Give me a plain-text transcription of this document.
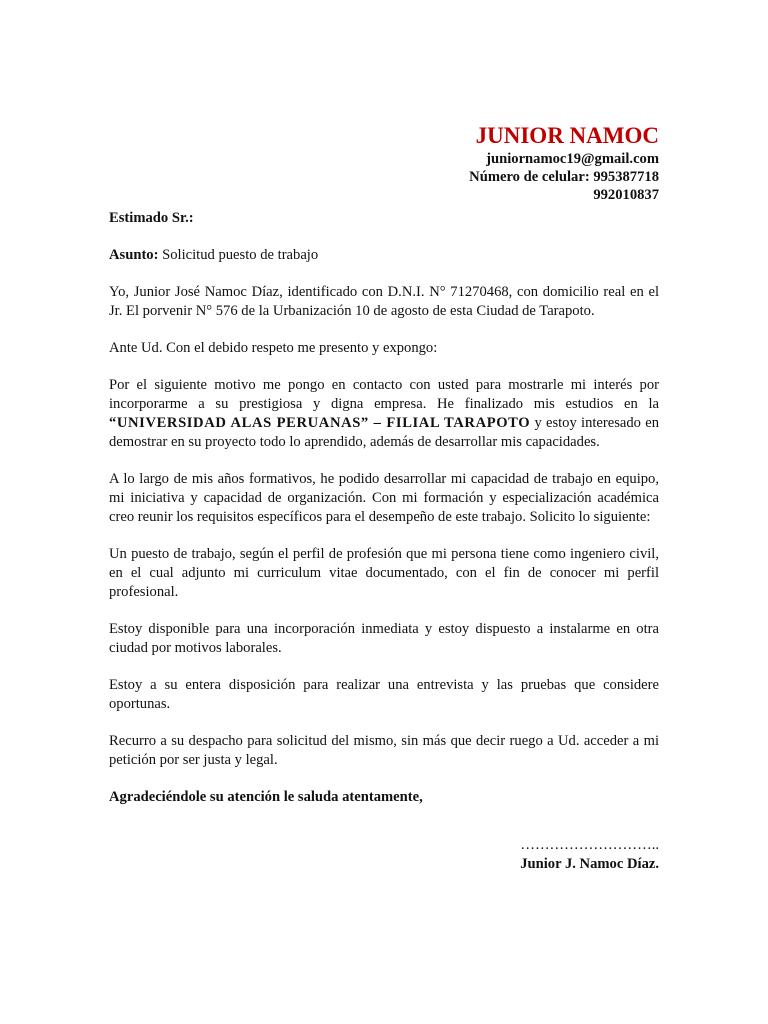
JUNIOR NAMOC
juniornamoc19@gmail.com
Número de celular: 995387718
992010837

Estimado Sr.:

Asunto: Solicitud puesto de trabajo

Yo, Junior José Namoc Díaz, identificado con D.N.I. N° 71270468, con domicilio real en el Jr. El porvenir N° 576 de la Urbanización 10 de agosto de esta Ciudad de Tarapoto.

Ante Ud. Con el debido respeto me presento y expongo:

Por el siguiente motivo me pongo en contacto con usted para mostrarle mi interés por incorporarme a su prestigiosa y digna empresa. He finalizado mis estudios en la “UNIVERSIDAD ALAS PERUANAS” – FILIAL TARAPOTO y estoy interesado en demostrar en su proyecto todo lo aprendido, además de desarrollar mis capacidades.

A lo largo de mis años formativos, he podido desarrollar mi capacidad de trabajo en equipo, mi iniciativa y capacidad de organización. Con mi formación y especialización académica creo reunir los requisitos específicos para el desempeño de este trabajo. Solicito lo siguiente:

Un puesto de trabajo, según el perfil de profesión que mi persona tiene como ingeniero civil, en el cual adjunto mi curriculum vitae documentado, con el fin de conocer mi perfil profesional.

Estoy disponible para una incorporación inmediata y estoy dispuesto a instalarme en otra ciudad por motivos laborales.

Estoy a su entera disposición para realizar una entrevista y las pruebas que considere oportunas.

Recurro a su despacho para solicitud del mismo, sin más que decir ruego a Ud. acceder a mi petición por ser justa y legal.

Agradeciéndole su atención le saluda atentamente,

………………………..
Junior J. Namoc Díaz.
